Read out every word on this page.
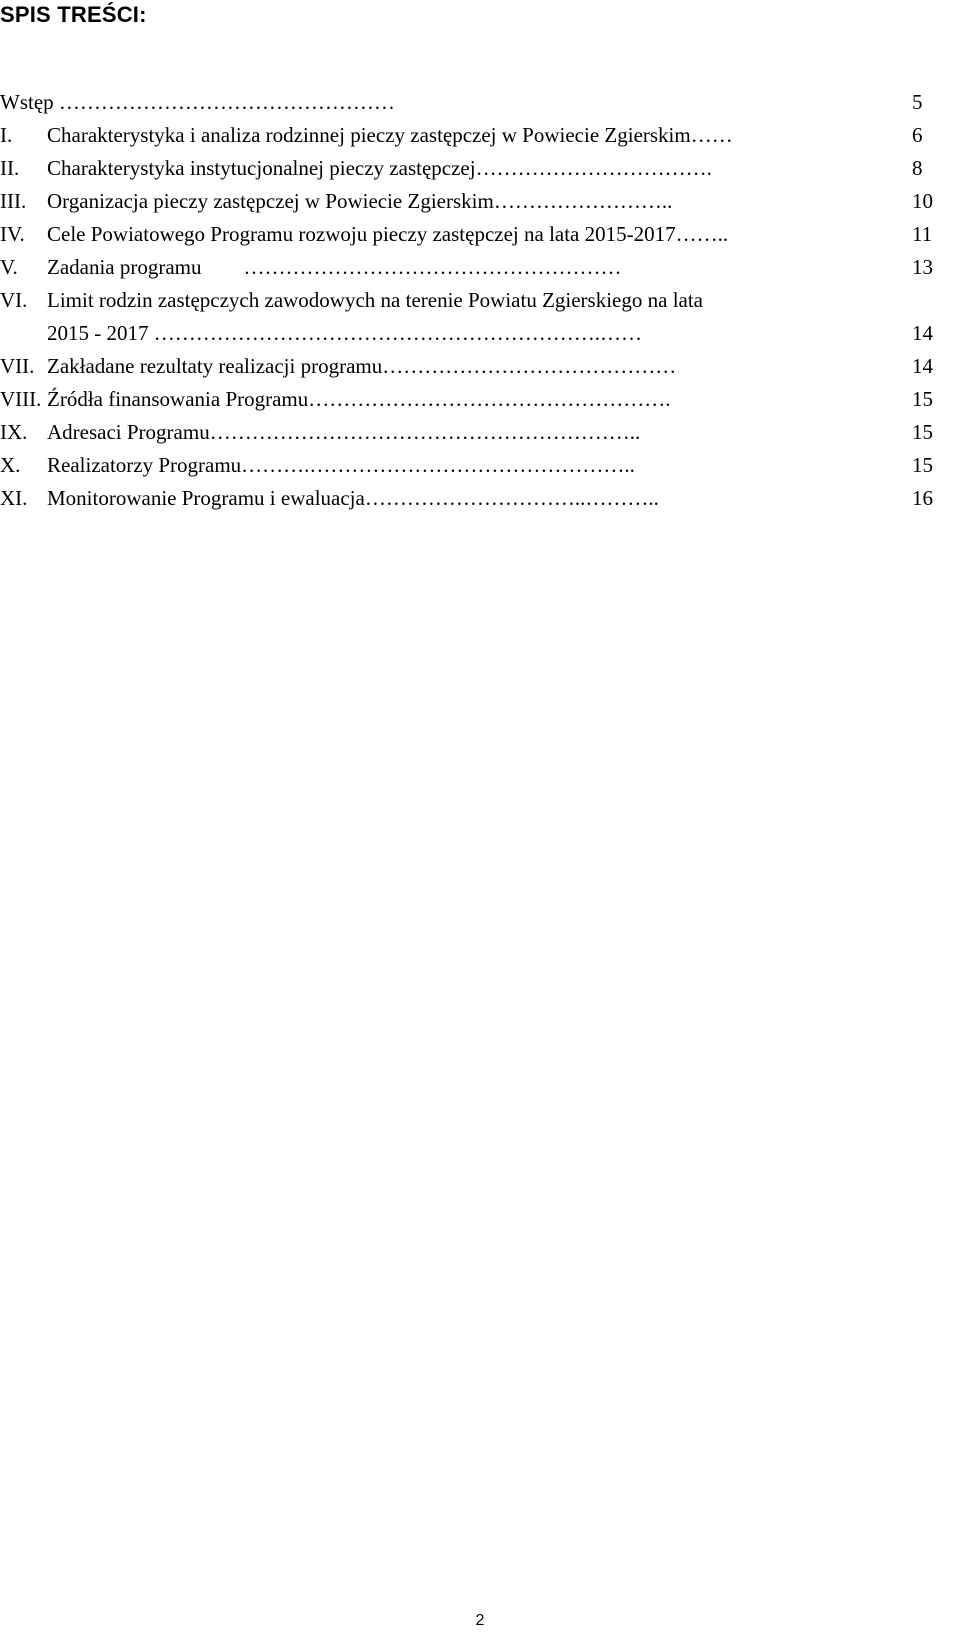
SPIS TREŚCI:
Wstęp …………………………………………	5
I. Charakterystyka i analiza rodzinnej pieczy zastępczej w Powiecie Zgierskim……	6
II. Charakterystyka instytucjonalnej pieczy zastępczej…………………………….	8
III. Organizacja pieczy zastępczej w Powiecie Zgierskim……………………..	10
IV. Cele Powiatowego Programu rozwoju pieczy zastępczej na lata 2015-2017……..	11
V. Zadania programu        ………………………………………………	13
VI. Limit rodzin zastępczych zawodowych na terenie Powiatu Zgierskiego na lata
2015 - 2017 ……………………………………………………….……	14
VII. Zakładane rezultaty realizacji programu……………………………………	14
VIII. Źródła finansowania Programu…………………………………………….	15
IX. Adresaci Programu……………………………………………………..	15
X. Realizatorzy Programu……….………………………………………..	15
XI. Monitorowanie Programu i ewaluacja…………………………..………..	16
2
